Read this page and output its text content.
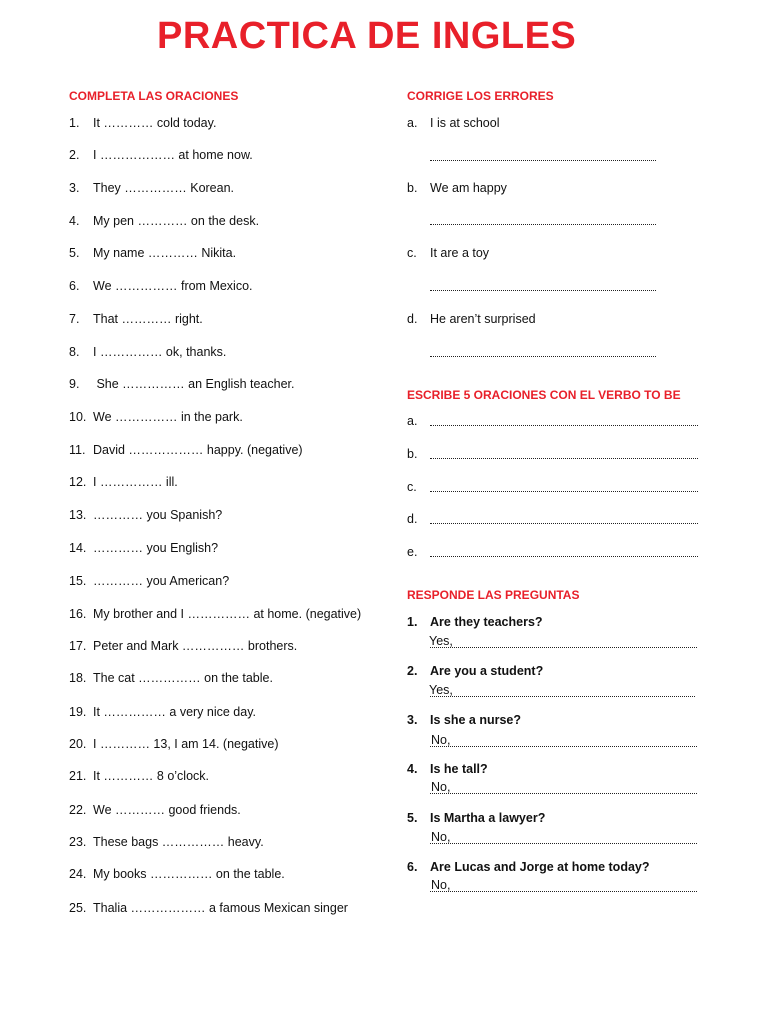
PRACTICA DE INGLES
COMPLETA LAS ORACIONES
1. It ………… cold today.
2. I ……………… at home now.
3. They …………… Korean.
4. My pen ………… on the desk.
5. My name ………… Nikita.
6. We …………… from Mexico.
7. That ………… right.
8. I …………… ok, thanks.
9. She …………… an English teacher.
10. We …………… in the park.
11. David ……………… happy. (negative)
12. I …………… ill.
13. ………… you Spanish?
14. ………… you English?
15. ………… you American?
16. My brother and I …………… at home. (negative)
17. Peter and Mark …………… brothers.
18. The cat …………… on the table.
19. It …………… a very nice day.
20. I ………… 13, I am 14. (negative)
21. It ………… 8 o’clock.
22. We ………… good friends.
23. These bags …………… heavy.
24. My books …………… on the table.
25. Thalia ……………… a famous Mexican singer
CORRIGE LOS ERRORES
a. I is at school
b. We am happy
c. It are a toy
d. He aren’t surprised
ESCRIBE 5 ORACIONES CON EL VERBO TO BE
a.
b.
c.
d.
e.
RESPONDE LAS PREGUNTAS
1. Are they teachers?
Yes,
2. Are you a student?
Yes,
3. Is she a nurse?
No,
4. Is he tall?
No,
5. Is Martha a lawyer?
No,
6. Are Lucas and Jorge at home today?
No,
